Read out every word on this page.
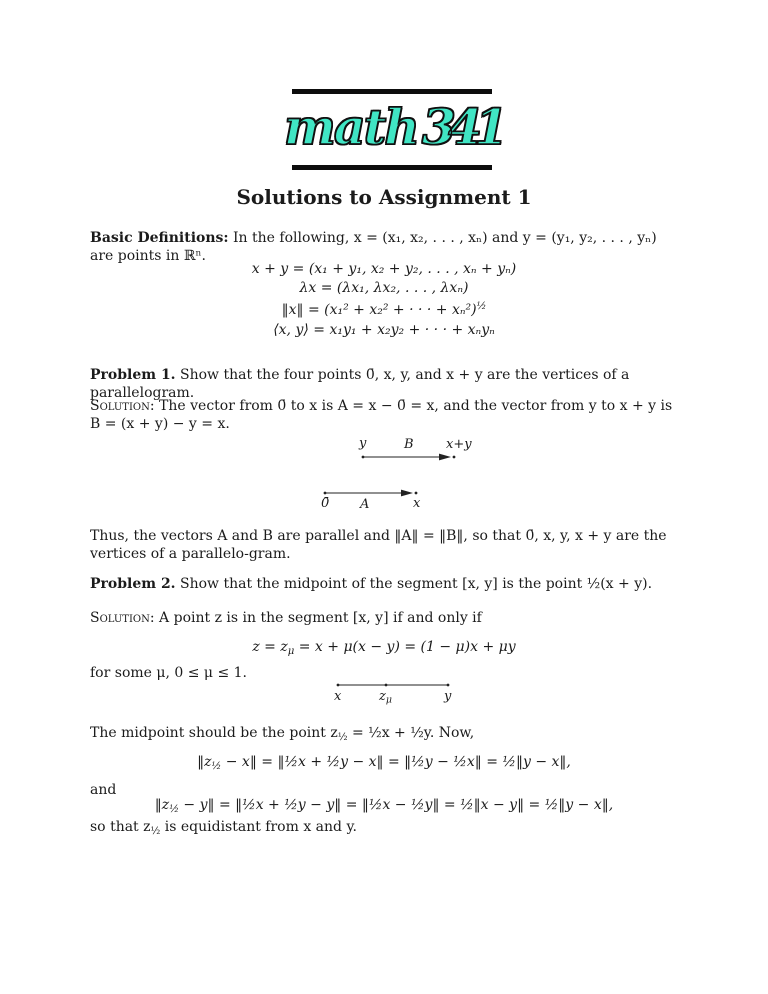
math341
Solutions to Assignment 1
Basic Definitions: In the following, x = (x₁, x₂, . . . , xₙ) and y = (y₁, y₂, . . . , yₙ) are points in ℝⁿ.
x + y = (x₁ + y₁, x₂ + y₂, . . . , xₙ + yₙ)
λx = (λx₁, λx₂, . . . , λxₙ)
‖x‖ = (x₁² + x₂² + · · · + xₙ²)$^{\frac{1}{2}}$
⟨x, y⟩ = x₁y₁ + x₂y₂ + · · · + xₙyₙ
Problem 1. Show that the four points 0̄, x, y, and x + y are the vertices of a parallelogram.
Solution: The vector from 0̄ to x is A = x − 0̄ = x, and the vector from y to x + y is B = (x + y) − y = x.
y	B x+y
0̄ A	x
Thus, the vectors A and B are parallel and ‖A‖ = ‖B‖, so that 0̄, x, y, x + y are the vertices of a parallelo-gram.
Problem 2. Show that the midpoint of the segment [x, y] is the point ½(x + y).
Solution: A point z is in the segment [x, y] if and only if
$z = z_\mu = x + \mu(x - y) = (1 - \mu)x + \mu y$
for some μ, 0 ≤ μ ≤ 1.
x	$z_\mu$	y
The midpoint should be the point $z_{\frac{1}{2}}$ = ½x + ½y. Now,
$‖z_{\frac{1}{2}}$ − x‖ = ‖½x + ½y − x‖ = ‖½y − ½x‖ = ½‖y − x‖,
and
$‖z_{\frac{1}{2}}$ − y‖ = ‖½x + ½y − y‖ = ‖½x − ½y‖ = ½‖x − y‖ = ½‖y − x‖,
so that $z_{\frac{1}{2}}$ is equidistant from x and y.
